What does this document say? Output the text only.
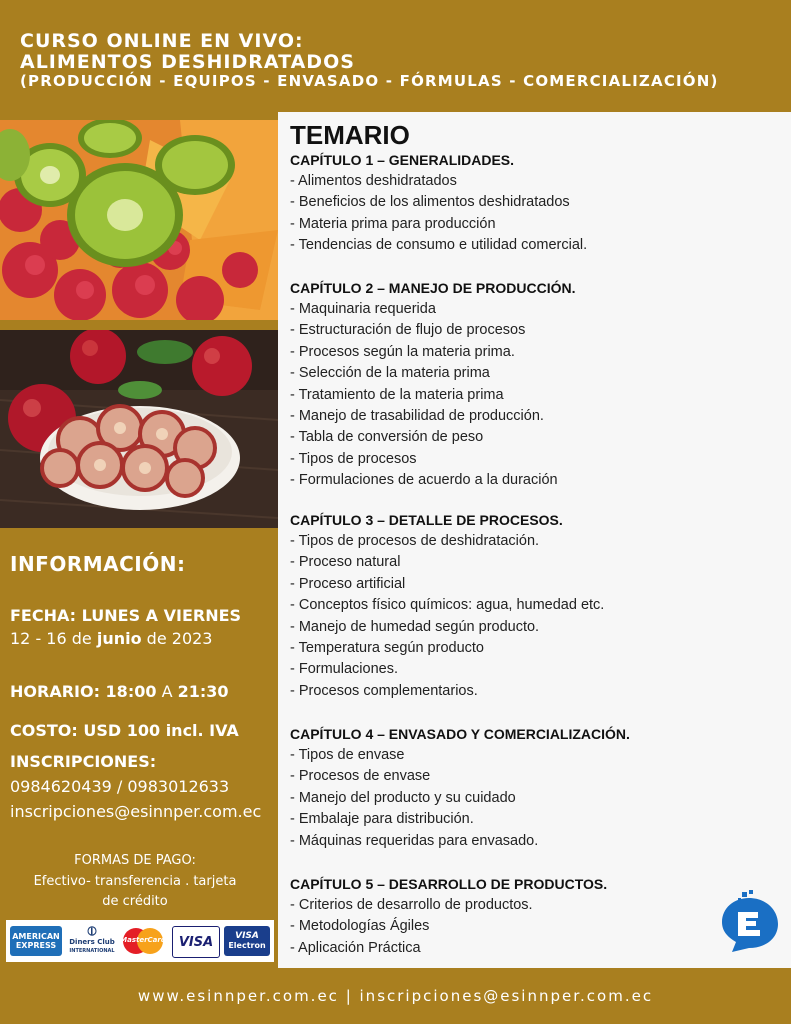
CURSO ONLINE EN VIVO:
ALIMENTOS DESHIDRATADOS
(PRODUCCIÓN - EQUIPOS - ENVASADO - FÓRMULAS - COMERCIALIZACIÓN)
INFORMACIÓN:
FECHA: LUNES A VIERNES
12 - 16 de junio de 2023
HORARIO: 18:00 A 21:30
COSTO: USD 100 incl. IVA
INSCRIPCIONES:
0984620439 / 0983012633
inscripciones@esinnper.com.ec
FORMAS DE PAGO:
Efectivo- transferencia . tarjeta
de crédito
AMERICAN
EXPRESS
⦶
Diners Club
INTERNATIONAL
MasterCard VISA	VISA
Electron
TEMARIO
CAPÍTULO 1 – GENERALIDADES.
- Alimentos deshidratados
- Beneficios de los alimentos deshidratados
- Materia prima para producción
- Tendencias de consumo e utilidad comercial.
CAPÍTULO 2 – MANEJO DE PRODUCCIÓN.
- Maquinaria requerida
- Estructuración de flujo de procesos
- Procesos según la materia prima.
- Selección de la materia prima
- Tratamiento de la materia prima
- Manejo de trasabilidad de producción.
- Tabla de conversión de peso
- Tipos de procesos
- Formulaciones de acuerdo a la duración
CAPÍTULO 3 – DETALLE DE PROCESOS.
- Tipos de procesos de deshidratación.
- Proceso natural
- Proceso artificial
- Conceptos físico químicos: agua, humedad etc.
- Manejo de humedad según producto.
- Temperatura según producto
- Formulaciones.
- Procesos complementarios.
CAPÍTULO 4 – ENVASADO Y COMERCIALIZACIÓN.
- Tipos de envase
- Procesos de envase
- Manejo del producto y su cuidado
- Embalaje para distribución.
- Máquinas requeridas para envasado.
CAPÍTULO 5 – DESARROLLO DE PRODUCTOS.
- Criterios de desarrollo de productos.
- Metodologías Ágiles
- Aplicación Práctica
www.esinnper.com.ec | inscripciones@esinnper.com.ec
